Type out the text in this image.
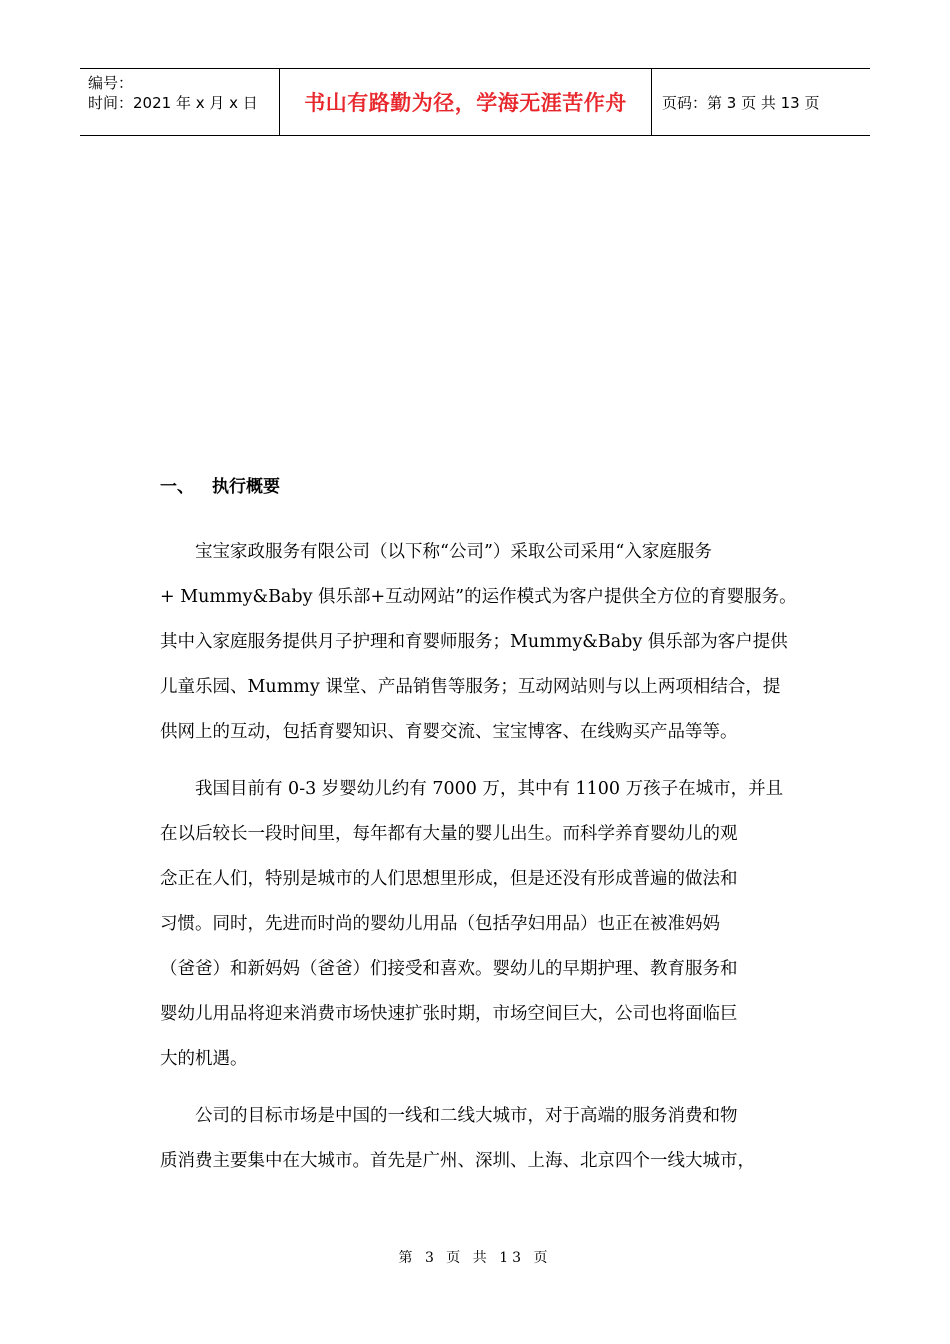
编号：
时间：2021 年 x 月 x 日	书山有路勤为径，学海无涯苦作舟	页码：第 3 页 共 13 页
一、 执行概要
宝宝家政服务有限公司（以下称“公司”）采取公司采用“入家庭服务
+ Mummy&Baby 俱乐部+互动网站”的运作模式为客户提供全方位的育婴服务。
其中入家庭服务提供月子护理和育婴师服务；Mummy&Baby 俱乐部为客户提供
儿童乐园、Mummy 课堂、产品销售等服务；互动网站则与以上两项相结合，提
供网上的互动，包括育婴知识、育婴交流、宝宝博客、在线购买产品等等。
我国目前有 0-3 岁婴幼儿约有 7000 万，其中有 1100 万孩子在城市，并且
在以后较长一段时间里，每年都有大量的婴儿出生。而科学养育婴幼儿的观
念正在人们，特别是城市的人们思想里形成，但是还没有形成普遍的做法和
习惯。同时，先进而时尚的婴幼儿用品（包括孕妇用品）也正在被准妈妈
（爸爸）和新妈妈（爸爸）们接受和喜欢。婴幼儿的早期护理、教育服务和
婴幼儿用品将迎来消费市场快速扩张时期，市场空间巨大，公司也将面临巨
大的机遇。
公司的目标市场是中国的一线和二线大城市，对于高端的服务消费和物
质消费主要集中在大城市。首先是广州、深圳、上海、北京四个一线大城市，
第 3 页 共 13 页
